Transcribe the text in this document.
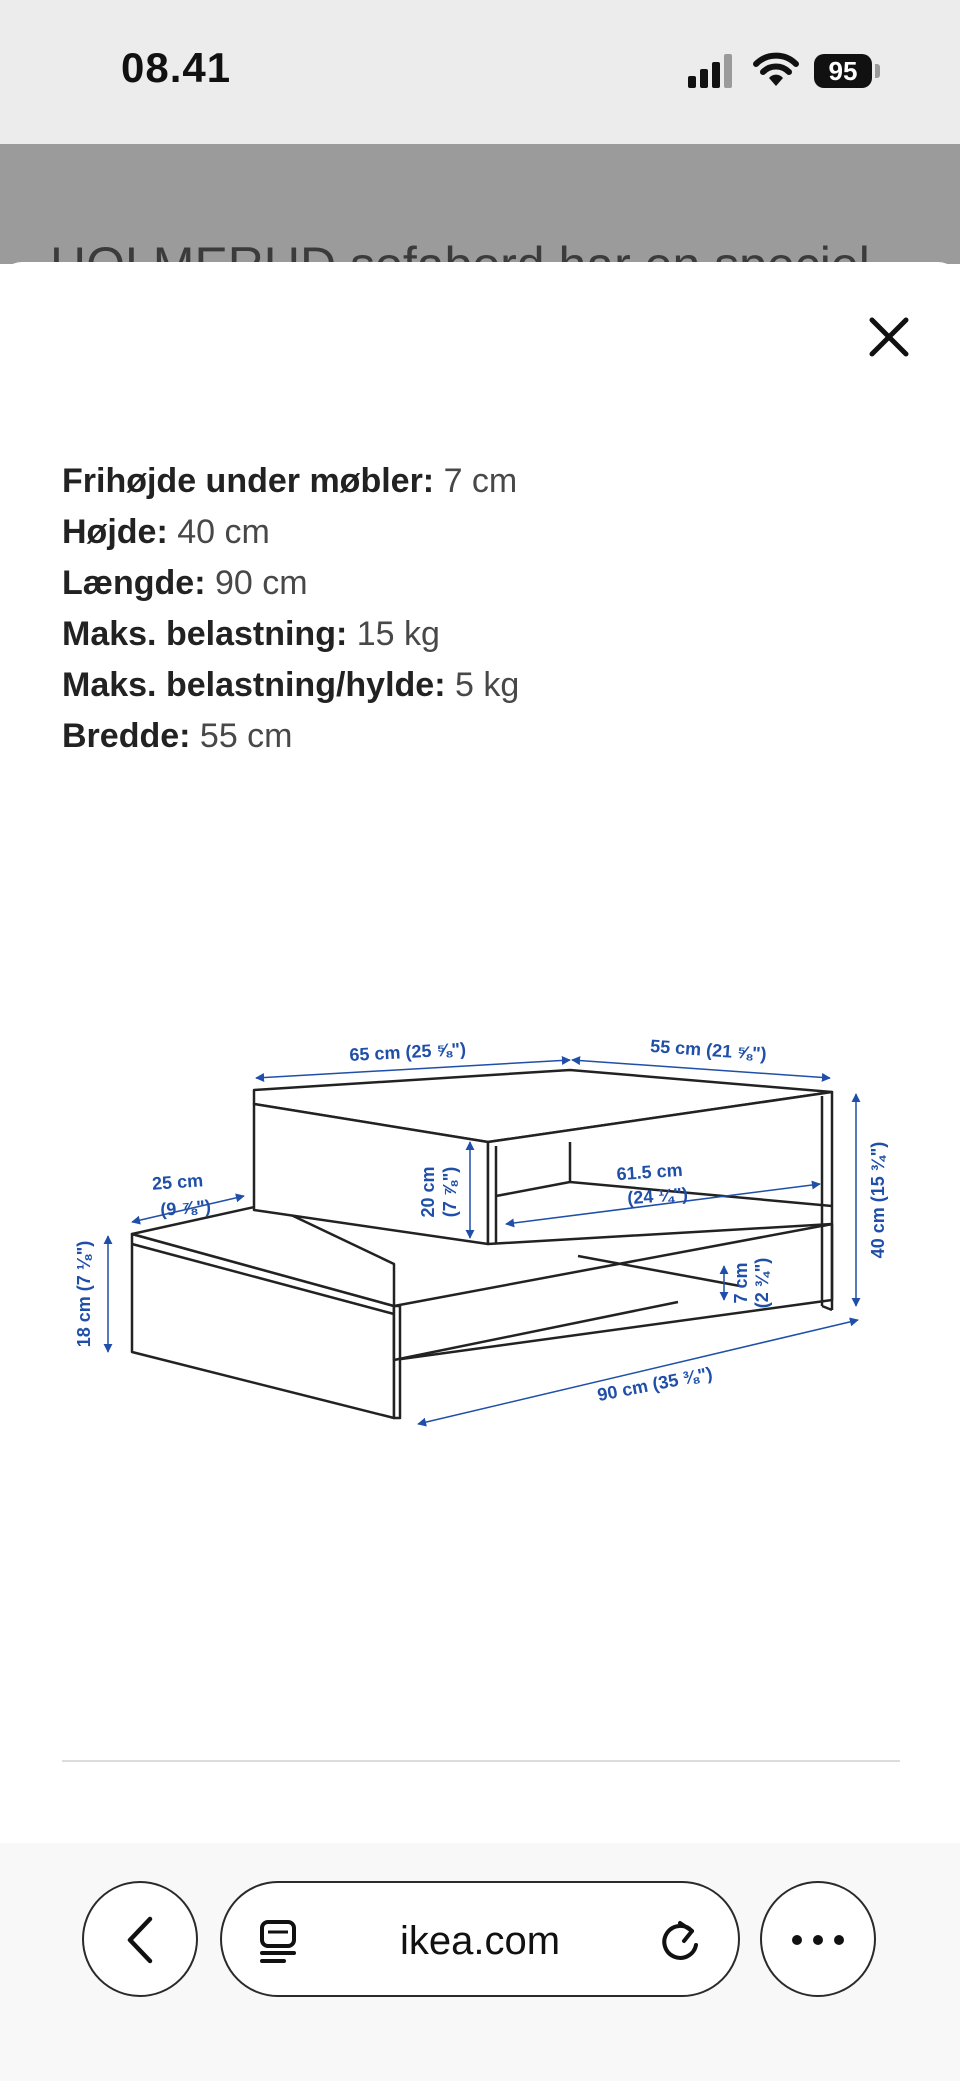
08.41	95
Frihøjde under møbler: 7 cm
Højde: 40 cm
Længde: 90 cm
Maks. belastning: 15 kg
Maks. belastning/hylde: 5 kg
Bredde: 55 cm
65 cm (25 ⅝")	55 cm (21 ⅝")
25 cm
(9 ⅞")	20 cm (7 ⅞")	61.5 cm
(24 ¼")	40 cm (15 ¾")
18 cm (7 ⅛")	7 cm (2 ¾")
90 cm (35 ⅜")
ikea.com
